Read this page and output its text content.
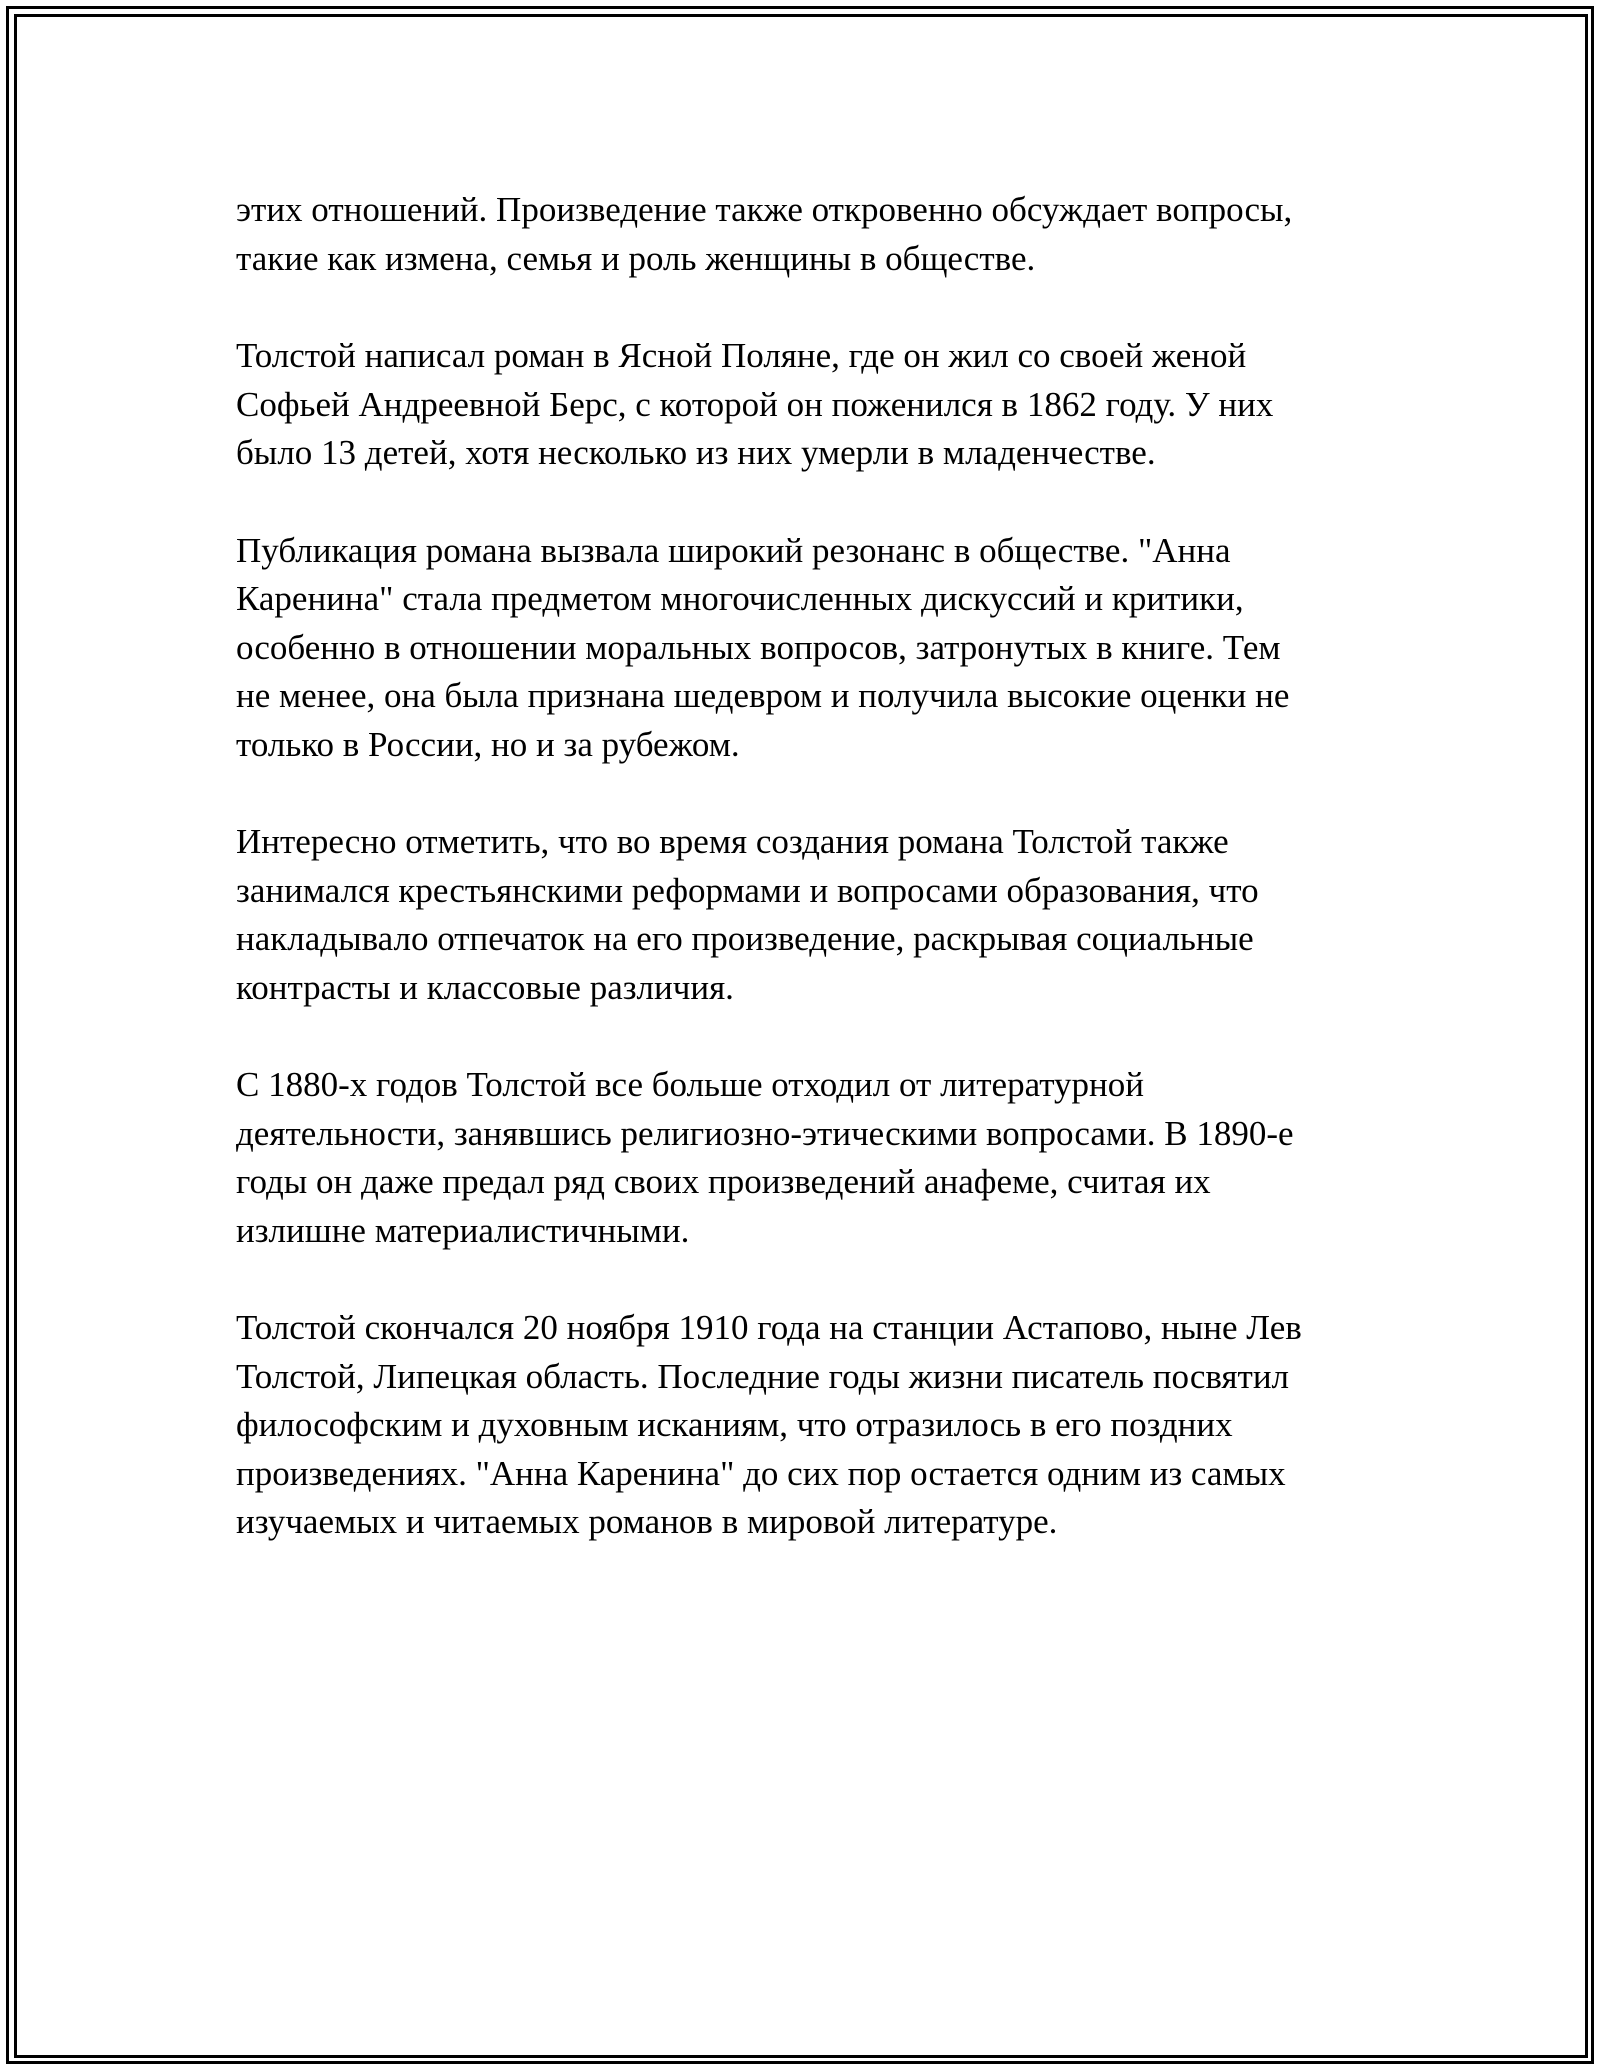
этих отношений. Произведение также откровенно обсуждает вопросы,
такие как измена, семья и роль женщины в обществе.

Толстой написал роман в Ясной Поляне, где он жил со своей женой
Софьей Андреевной Берс, с которой он поженился в 1862 году. У них
было 13 детей, хотя несколько из них умерли в младенчестве.

Публикация романа вызвала широкий резонанс в обществе. "Анна
Каренина" стала предметом многочисленных дискуссий и критики,
особенно в отношении моральных вопросов, затронутых в книге. Тем
не менее, она была признана шедевром и получила высокие оценки не
только в России, но и за рубежом.

Интересно отметить, что во время создания романа Толстой также
занимался крестьянскими реформами и вопросами образования, что
накладывало отпечаток на его произведение, раскрывая социальные
контрасты и классовые различия.

С 1880-х годов Толстой все больше отходил от литературной
деятельности, занявшись религиозно-этическими вопросами. В 1890-е
годы он даже предал ряд своих произведений анафеме, считая их
излишне материалистичными.

Толстой скончался 20 ноября 1910 года на станции Астапово, ныне Лев
Толстой, Липецкая область. Последние годы жизни писатель посвятил
философским и духовным исканиям, что отразилось в его поздних
произведениях. "Анна Каренина" до сих пор остается одним из самых
изучаемых и читаемых романов в мировой литературе.
